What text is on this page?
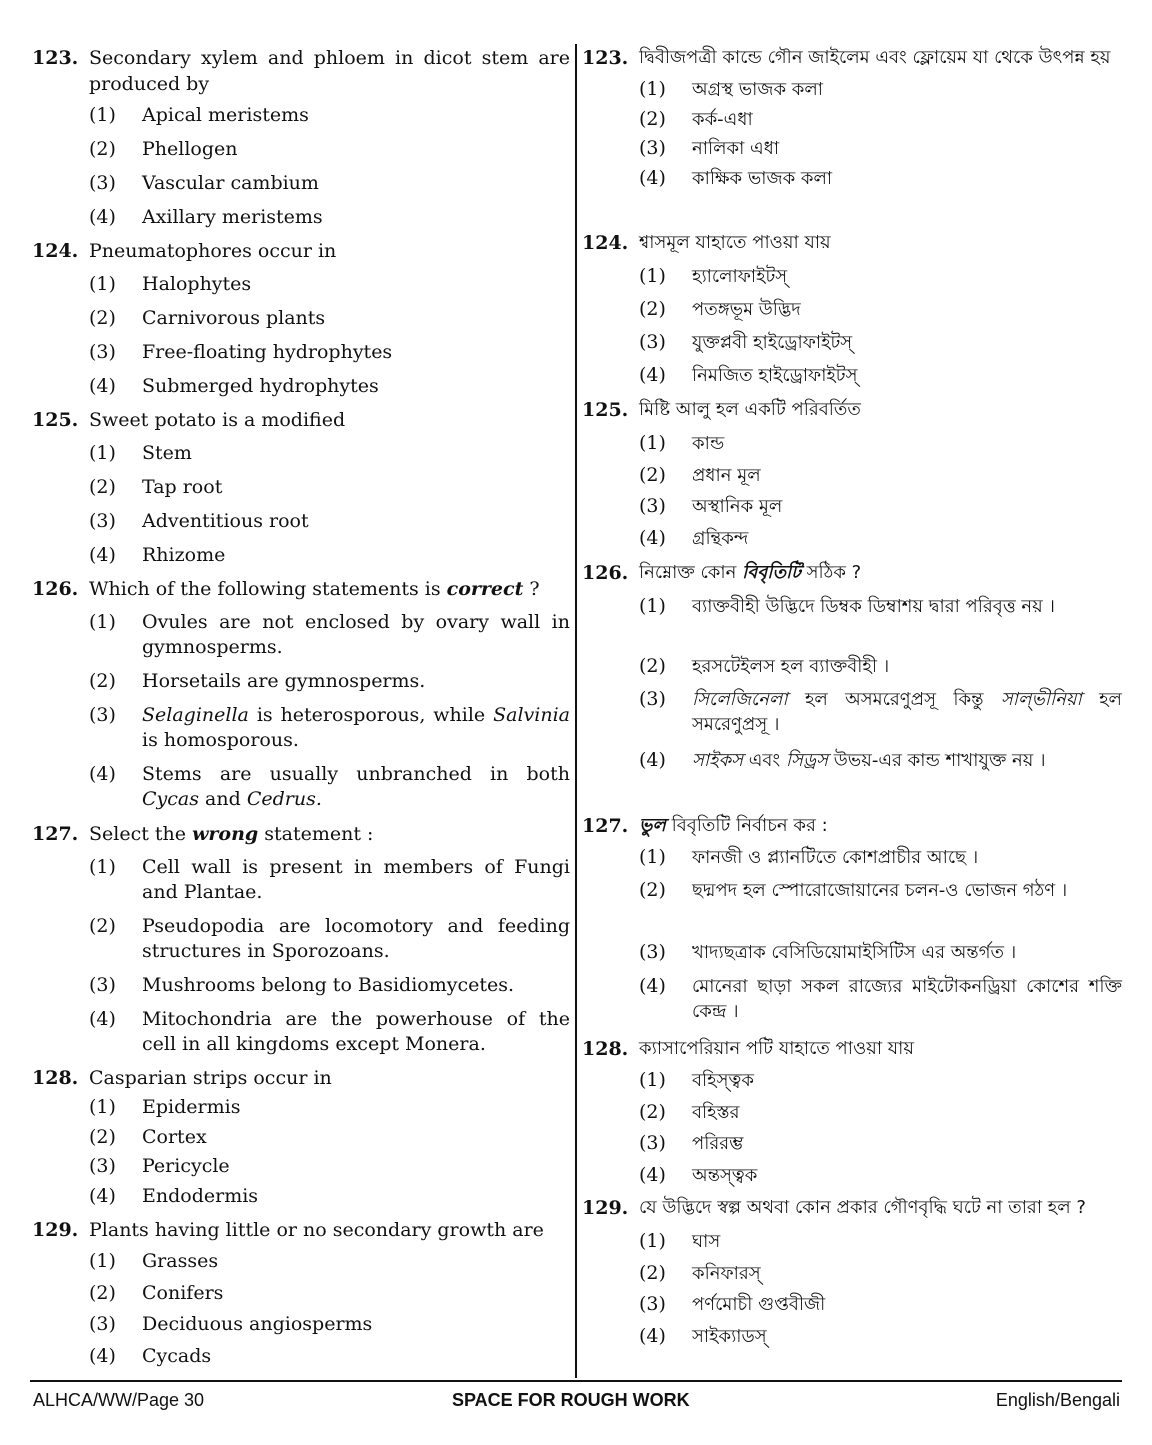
123. Secondary xylem and phloem in dicot stem are produced by
(1)	Apical meristems
(2)	Phellogen
(3)	Vascular cambium
(4)	Axillary meristems
124. Pneumatophores occur in
(1)	Halophytes
(2)	Carnivorous plants
(3)	Free-floating hydrophytes
(4)	Submerged hydrophytes
125. Sweet potato is a modified
(1)	Stem
(2)	Tap root
(3)	Adventitious root
(4)	Rhizome
126. Which of the following statements is correct ?
(1)	Ovules are not enclosed by ovary wall in gymnosperms.
(2)	Horsetails are gymnosperms.
(3)	Selaginella is heterosporous, while Salvinia is homosporous.
(4)	Stems are usually unbranched in both Cycas and Cedrus.
127. Select the wrong statement :
(1)	Cell wall is present in members of Fungi and Plantae.
(2)	Pseudopodia are locomotory and feeding structures in Sporozoans.
(3)	Mushrooms belong to Basidiomycetes.
(4)	Mitochondria are the powerhouse of the cell in all kingdoms except Monera.
128. Casparian strips occur in
(1)	Epidermis
(2)	Cortex
(3)	Pericycle
(4)	Endodermis
129. Plants having little or no secondary growth are
(1)	Grasses
(2)	Conifers
(3)	Deciduous angiosperms
(4)	Cycads
123. দ্বিবীজপত্রী কান্ডে গৌন জাইলেম এবং ফ্লোয়েম যা থেকে উৎপন্ন হয়
(1)	অগ্রস্থ ভাজক কলা
(2)	কর্ক-এধা
(3)	নালিকা এধা
(4)	কাক্ষিক ভাজক কলা
124. শ্বাসমূল যাহাতে পাওয়া যায়
(1)	হ্যালোফাইটস্
(2)	পতঙ্গভূম উদ্ভিদ
(3)	যুক্তপ্লবী হাইড্রোফাইটস্
(4)	নিমজিত হাইড্রোফাইটস্
125. মিষ্টি আলু হল একটি পরিবর্তিত
(1)	কান্ড
(2)	প্রধান মূল
(3)	অস্থানিক মূল
(4)	গ্রন্থিকন্দ
126. নিম্নোক্ত কোন বিবৃতিটি সঠিক ?
(1)	ব্যাক্তবীহী উদ্ভিদে ডিম্বক ডিম্বাশয় দ্বারা পরিবৃত্ত নয় ।
(2)	হরসটেইলস হল ব্যাক্তবীহী ।
(3)	সিলেজিনেলা হল অসমরেণুপ্রসূ কিন্তু সাল্ভীনিয়া হল সমরেণুপ্রসূ ।
(4)	সাইকস এবং সিড্রস উভয়-এর কান্ড শাখাযুক্ত নয় ।
127. ভুল বিবৃতিটি নির্বাচন কর :
(1)	ফানজী ও প্ল্যানটিতে কোশপ্রাচীর আছে ।
(2)	ছদ্মপদ হল স্পোরোজোয়ানের চলন-ও ভোজন গঠণ ।
(3)	খাদ্যছত্রাক বেসিডিয়োমাইসিটিস এর অন্তর্গত ।
(4)	মোনেরা ছাড়া সকল রাজ্যের মাইটোকনড্রিয়া কোশের শক্তি কেন্দ্র ।
128. ক্যাসাপেরিয়ান পটি যাহাতে পাওয়া যায়
(1)	বহিস্ত্বক
(2)	বহিস্তর
(3)	পরিরম্ভ
(4)	অন্তস্ত্বক
129. যে উদ্ভিদে স্বল্প অথবা কোন প্রকার গৌণবৃদ্ধি ঘটে না তারা হল ?
(1)	ঘাস
(2)	কনিফারস্
(3)	পর্ণমোচী গুপ্তবীজী
(4)	সাইক্যাডস্
ALHCA/WW/Page 30	SPACE FOR ROUGH WORK	English/Bengali
